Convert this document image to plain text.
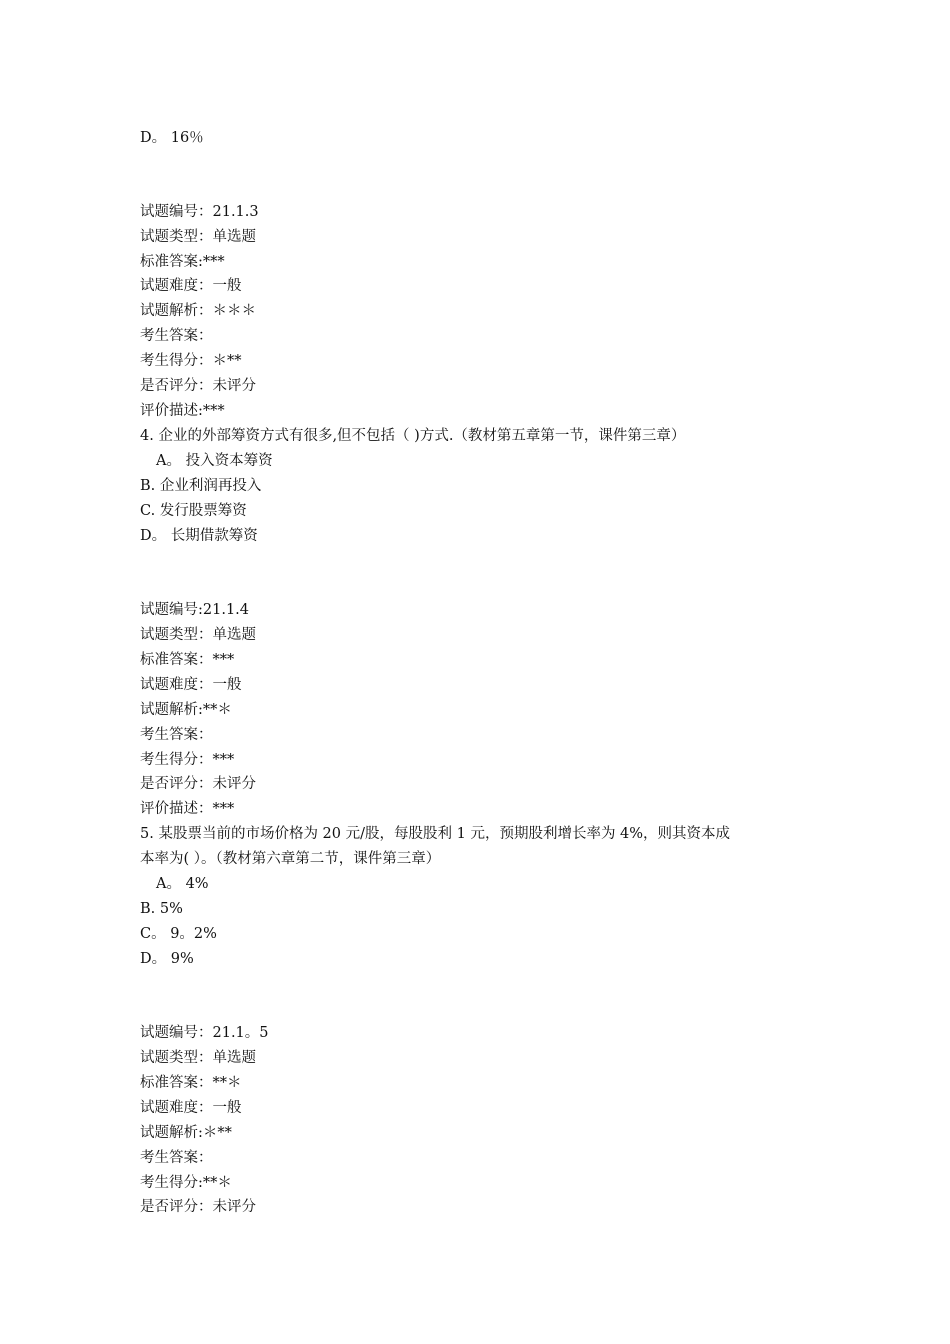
D。 16％

试题编号：21.1.3

试题类型：单选题

标准答案:***

试题难度：一般

试题解析：＊＊＊

考生答案：

考生得分：＊**

是否评分：未评分

评价描述:***

4. 企业的外部筹资方式有很多,但不包括（ )方式.（教材第五章第一节，课件第三章）

A。 投入资本筹资

B. 企业利润再投入

C. 发行股票筹资

D。 长期借款筹资

试题编号:21.1.4

试题类型：单选题

标准答案：***

试题难度：一般

试题解析:**＊

考生答案：

考生得分：***

是否评分：未评分

评价描述：***

5. 某股票当前的市场价格为 20 元/股，每股股利 1 元，预期股利增长率为 4%，则其资本成

本率为( ）。（教材第六章第二节，课件第三章）

A。 4%

B. 5%

C。 9。2%

D。 9%

试题编号：21.1。5

试题类型：单选题

标准答案：**＊

试题难度：一般

试题解析:＊**

考生答案：

考生得分:**＊

是否评分：未评分
